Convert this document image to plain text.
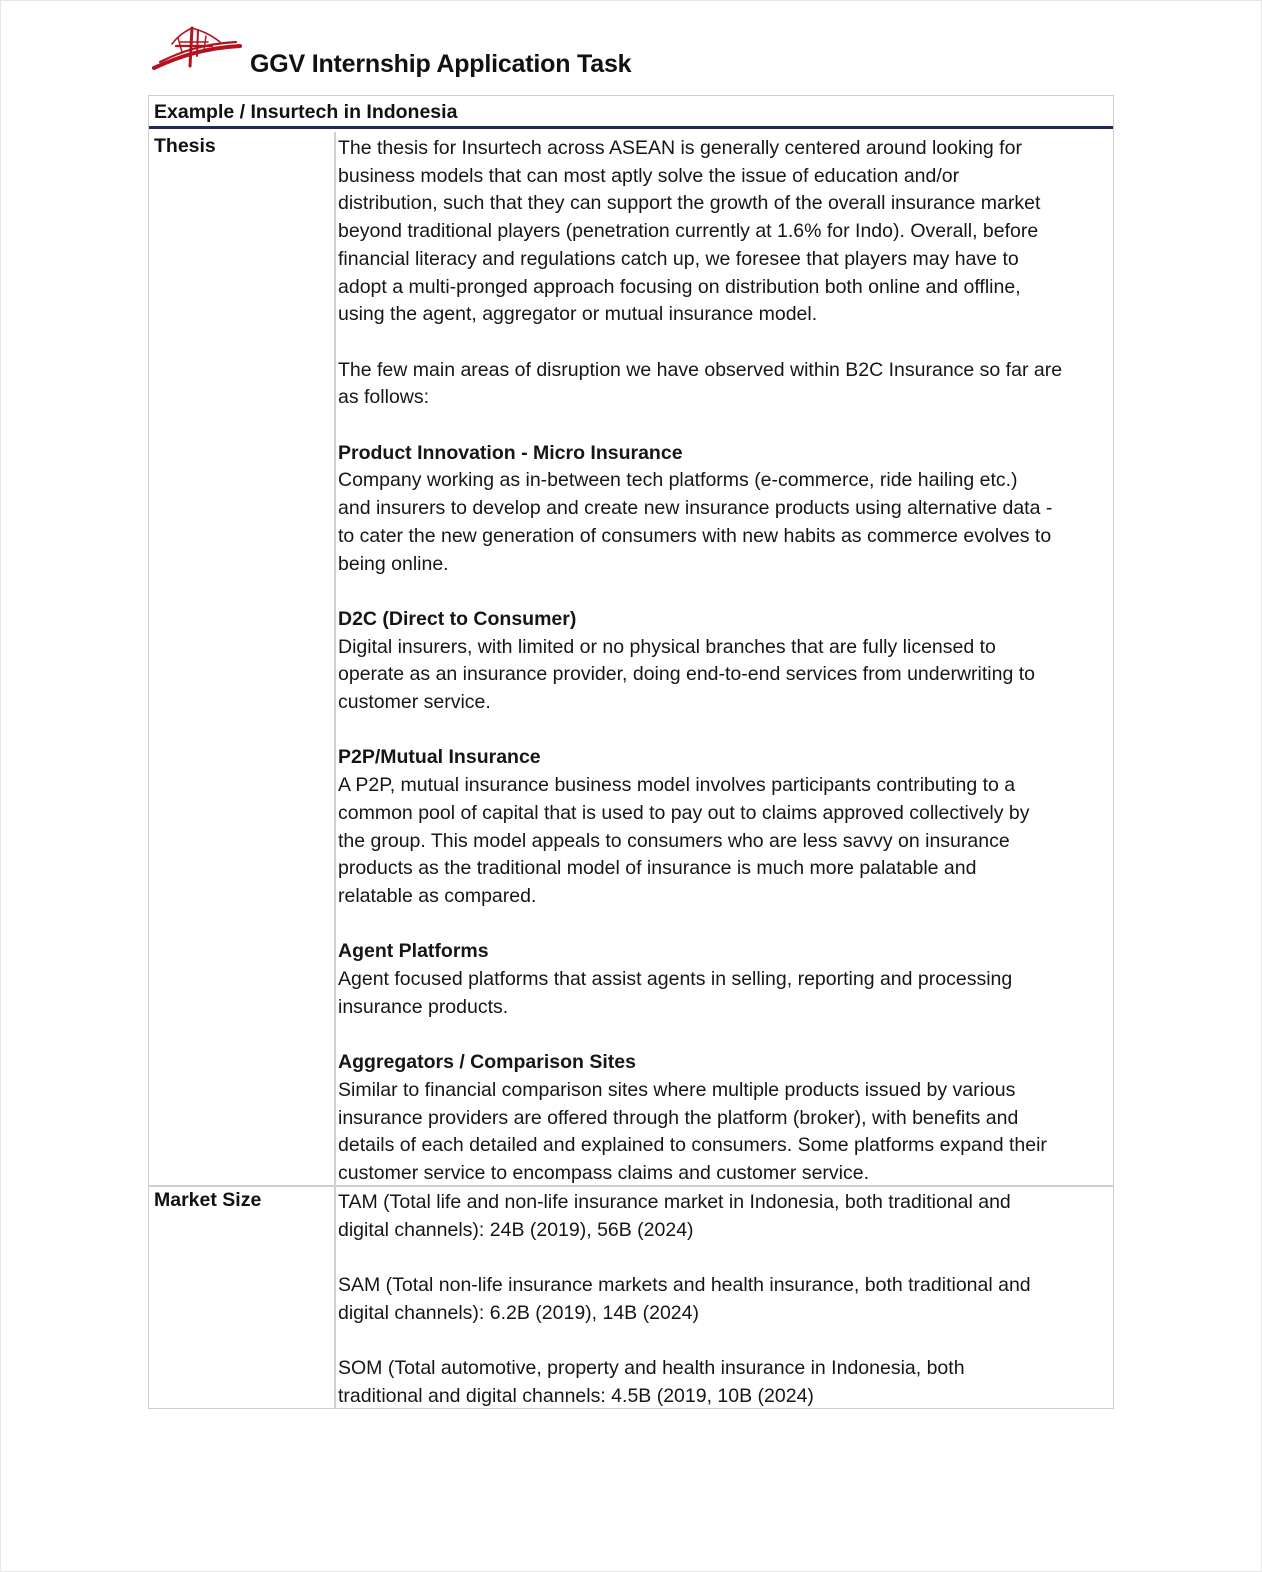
GGV Internship Application Task
Example / Insurtech in Indonesia
Thesis	The thesis for Insurtech across ASEAN is generally centered around looking for
business models that can most aptly solve the issue of education and/or
distribution, such that they can support the growth of the overall insurance market
beyond traditional players (penetration currently at 1.6% for Indo). Overall, before
financial literacy and regulations catch up, we foresee that players may have to
adopt a multi-pronged approach focusing on distribution both online and offline,
using the agent, aggregator or mutual insurance model.

The few main areas of disruption we have observed within B2C Insurance so far are
as follows:

Product Innovation - Micro Insurance
Company working as in-between tech platforms (e-commerce, ride hailing etc.)
and insurers to develop and create new insurance products using alternative data -
to cater the new generation of consumers with new habits as commerce evolves to
being online.

D2C (Direct to Consumer)
Digital insurers, with limited or no physical branches that are fully licensed to
operate as an insurance provider, doing end-to-end services from underwriting to
customer service.

P2P/Mutual Insurance
A P2P, mutual insurance business model involves participants contributing to a
common pool of capital that is used to pay out to claims approved collectively by
the group. This model appeals to consumers who are less savvy on insurance
products as the traditional model of insurance is much more palatable and
relatable as compared.

Agent Platforms
Agent focused platforms that assist agents in selling, reporting and processing
insurance products.

Aggregators / Comparison Sites
Similar to financial comparison sites where multiple products issued by various
insurance providers are offered through the platform (broker), with benefits and
details of each detailed and explained to consumers. Some platforms expand their
customer service to encompass claims and customer service.

Market Size	TAM (Total life and non-life insurance market in Indonesia, both traditional and
digital channels): 24B (2019), 56B (2024)

SAM (Total non-life insurance markets and health insurance, both traditional and
digital channels): 6.2B (2019), 14B (2024)

SOM (Total automotive, property and health insurance in Indonesia, both
traditional and digital channels: 4.5B (2019, 10B (2024)
